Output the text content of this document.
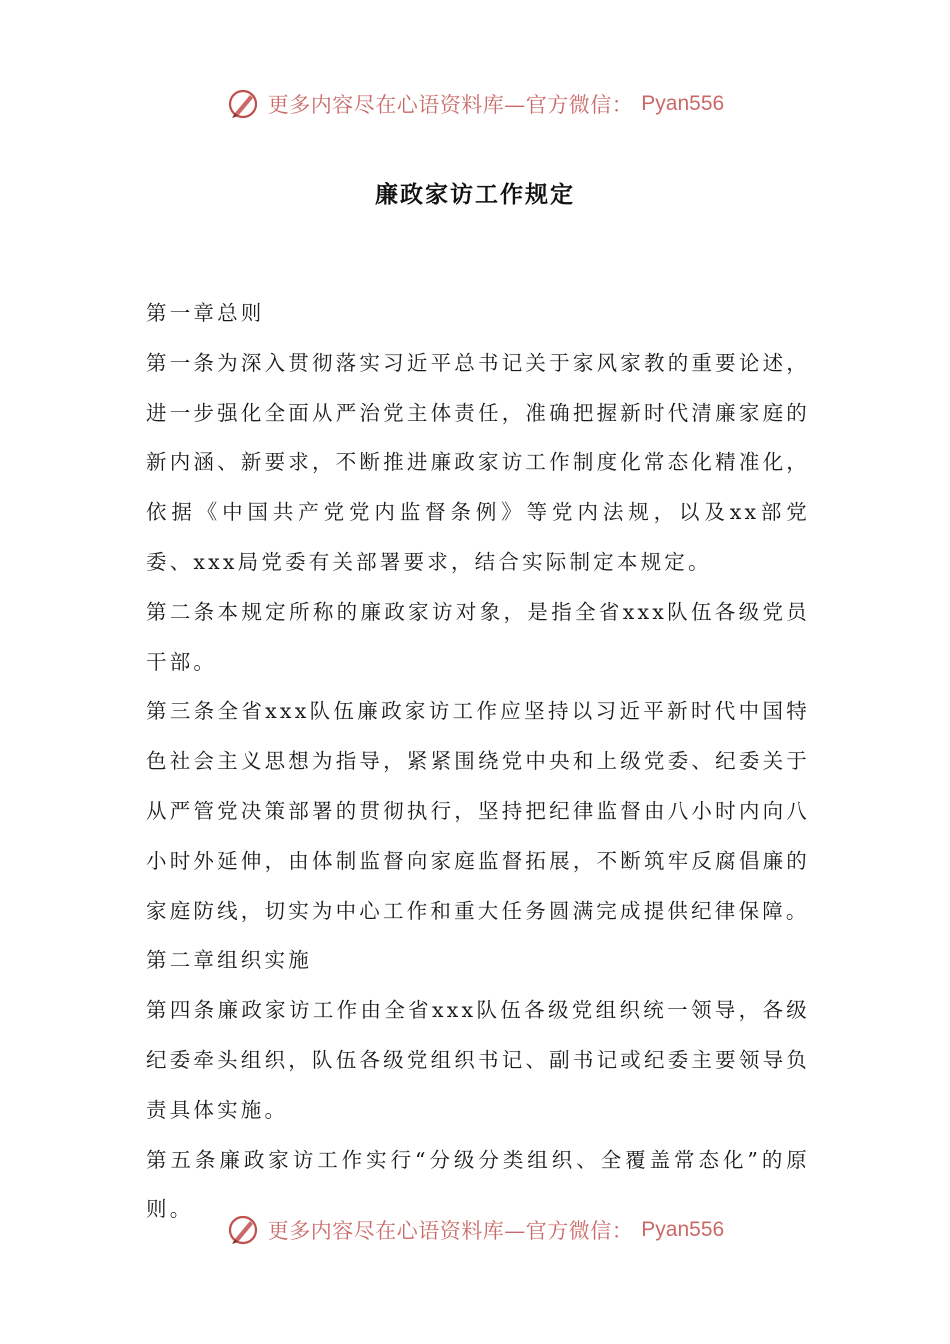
更多内容尽在心语资料库—官方微信： Pyan556
廉政家访工作规定

第一章总则

第一条为深入贯彻落实习近平总书记关于家风家教的重要论述，进一步强化全面从严治党主体责任，准确把握新时代清廉家庭的新内涵、新要求，不断推进廉政家访工作制度化常态化精准化，依据《中国共产党党内监督条例》等党内法规，以及xx部党委、xxx局党委有关部署要求，结合实际制定本规定。

第二条本规定所称的廉政家访对象，是指全省xxx队伍各级党员干部。

第三条全省xxx队伍廉政家访工作应坚持以习近平新时代中国特色社会主义思想为指导，紧紧围绕党中央和上级党委、纪委关于从严管党决策部署的贯彻执行，坚持把纪律监督由八小时内向八小时外延伸，由体制监督向家庭监督拓展，不断筑牢反腐倡廉的家庭防线，切实为中心工作和重大任务圆满完成提供纪律保障。

第二章组织实施

第四条廉政家访工作由全省xxx队伍各级党组织统一领导，各级纪委牵头组织，队伍各级党组织书记、副书记或纪委主要领导负责具体实施。

第五条廉政家访工作实行“分级分类组织、全覆盖常态化”的原则。

更多内容尽在心语资料库—官方微信： Pyan556
